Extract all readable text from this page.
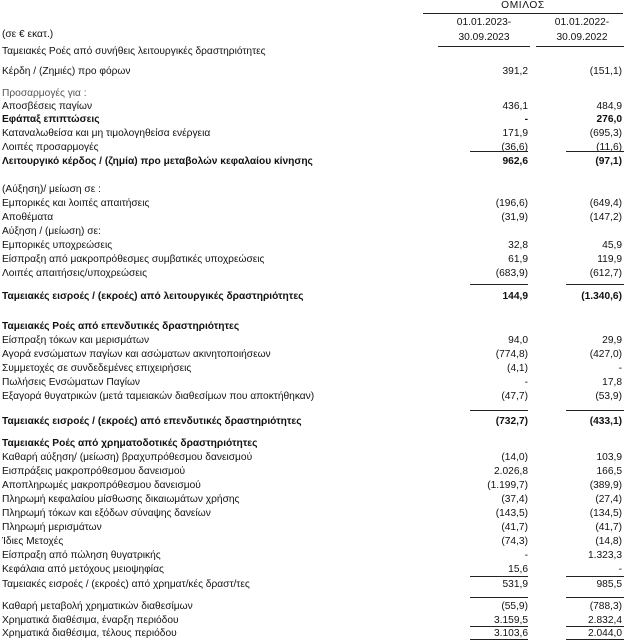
ΟΜΙΛΟΣ
(σε € εκατ.)
01.01.2023-
30.09.2023
01.01.2022-
30.09.2022
Ταμειακές Ροές από συνήθεις λειτουργικές δραστηριότητες
Κέρδη / (Ζημιές) προ φόρων	391,2	(151,1)
Προσαρμογές για :
Αποσβέσεις παγίων	436,1	484,9
Εφάπαξ επιπτώσεις	-	276,0
Καταναλωθείσα και μη τιμολογηθείσα ενέργεια	171,9	(695,3)
Λοιπές προσαρμογές	(36,6)	(11,6)
Λειτουργικό κέρδος / (ζημία) προ μεταβολών κεφαλαίου κίνησης	962,6	(97,1)
(Αύξηση)/ μείωση σε :
Εμπορικές και λοιπές απαιτήσεις	(196,6)	(649,4)
Αποθέματα	(31,9)	(147,2)
Αύξηση / (μείωση) σε:
Εμπορικές υποχρεώσεις	32,8	45,9
Είσπραξη από μακροπρόθεσμες συμβατικές υποχρεώσεις	61,9	119,9
Λοιπές απαιτήσεις/υποχρεώσεις	(683,9)	(612,7)
Ταμειακές εισροές / (εκροές) από λειτουργικές δραστηριότητες	144,9	(1.340,6)
Ταμειακές Ροές από επενδυτικές δραστηριότητες
Είσπραξη τόκων και μερισμάτων	94,0	29,9
Αγορά ενσώματων παγίων και ασώματων ακινητοποιήσεων	(774,8)	(427,0)
Συμμετοχές σε συνδεδεμένες επιχειρήσεις	(4,1)	-
Πωλήσεις Ενσώματων Παγίων	-	17,8
Εξαγορά θυγατρικών (μετά ταμειακών διαθεσίμων που αποκτήθηκαν)	(47,7)	(53,9)
Ταμειακές εισροές / (εκροές) από επενδυτικές δραστηριότητες	(732,7)	(433,1)
Ταμειακές Ροές από χρηματοδοτικές δραστηριότητες
Καθαρή αύξηση/ (μείωση) βραχυπρόθεσμου δανεισμού	(14,0)	103,9
Εισπράξεις μακροπρόθεσμου δανεισμού	2.026,8	166,5
Αποπληρωμές μακροπρόθεσμου δανεισμού	(1.199,7)	(389,9)
Πληρωμή κεφαλαίου μίσθωσης δικαιωμάτων χρήσης	(37,4)	(27,4)
Πληρωμή τόκων και εξόδων σύναψης δανείων	(143,5)	(134,5)
Πληρωμή μερισμάτων	(41,7)	(41,7)
Ίδιες Μετοχές	(74,3)	(14,8)
Είσπραξη από πώληση θυγατρικής	-	1.323,3
Κεφάλαια από μετόχους μειοψηφίας	15,6	-
Ταμειακές εισροές / (εκροές) από χρηματ/κές δραστ/τες	531,9	985,5
Καθαρή μεταβολή χρηματικών διαθεσίμων	(55,9)	(788,3)
Χρηματικά διαθέσιμα, έναρξη περιόδου	3.159,5	2.832,4
Χρηματικά διαθέσιμα, τέλους περιόδου	3.103,6	2.044,0
